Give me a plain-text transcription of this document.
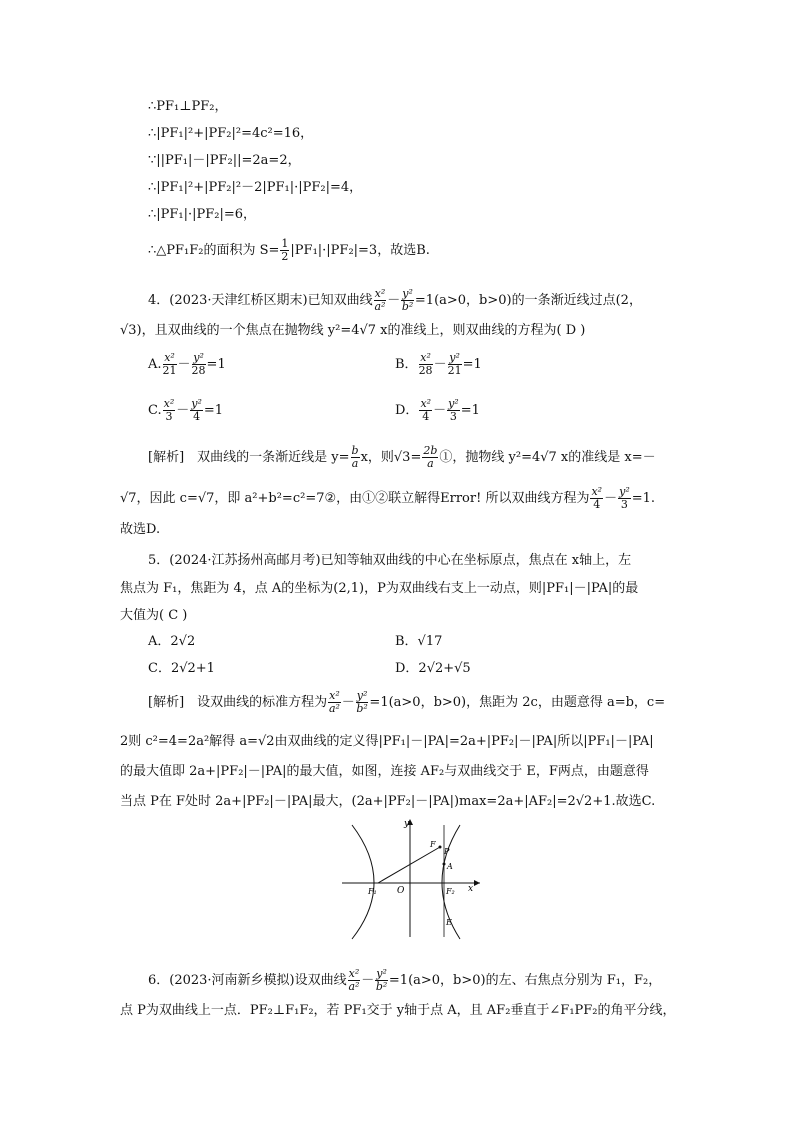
∴PF₁⊥PF₂，
∴|PF₁|²+|PF₂|²=4c²=16，
∵||PF₁|－|PF₂||=2a=2，
∴|PF₁|²+|PF₂|²－2|PF₁|·|PF₂|=4，
∴|PF₁|·|PF₂|=6，
∴△PF₁F₂的面积为 $S= \frac{1}{2} |PF_1|\cdot|PF_2|=3$，故选B.
4．(2023·天津红桥区期末)已知双曲线 $\frac{\text{x²}}{\text{a²}} - \frac{\text{y²}}{\text{b²}} =1(a>0$，b>0)的一条渐近线过点(2，
√3)，且双曲线的一个焦点在抛物线 y²=4√7 x的准线上，则双曲线的方程为( D )
A. $\frac{\text{x²}}{21} - \frac{\text{y²}}{28} =1$	B． $\frac{\text{x²}}{28} - \frac{\text{y²}}{21} =1$
C. $\frac{\text{x²}}{3} - \frac{\text{y²}}{4} =1$	D． $\frac{\text{x²}}{4} - \frac{\text{y²}}{3} =1$
[解析]　双曲线的一条渐近线是 $y= \frac{b}{a}$ x，则$√3= \frac{2b}{a}$ ①，抛物线 y²=4√7 x的准线是 x=－
√7，因此 c=√7，即 a²+b²=c²=7②，由①②联立解得Error! 所以双曲线方程为 $\frac{\text{x²}}{4} - \frac{\text{y²}}{3} =1$.
故选D.
5．(2024·江苏扬州高邮月考)已知等轴双曲线的中心在坐标原点，焦点在 x轴上，左
焦点为 F₁，焦距为 4，点 A的坐标为(2,1)，P为双曲线右支上一动点，则|PF₁|－|PA|的最
大值为( C )
A．2√2	B．√17
C．2√2+1	D．2√2+√5
[解析]　设双曲线的标准方程为 $\frac{\text{x²}}{\text{a²}} - \frac{\text{y²}}{\text{b²}} =1(a>0$，b>0)，焦距为 2c，由题意得 a=b，c=
2则 c²=4=2a²解得 a=√2由双曲线的定义得|PF₁|－|PA|=2a+|PF₂|－|PA|所以|PF₁|－|PA|
的最大值即 2a+|PF₂|－|PA|的最大值，如图，连接 AF₂与双曲线交于 E，F两点，由题意得
当点 P在 F处时 2a+|PF₂|－|PA|最大，(2a+|PF₂|－|PA|)max=2a+|AF₂|=2√2+1.故选C.
y
x
O
F₁	F₂
F
P
A
E
6．(2023·河南新乡模拟)设双曲线 $\frac{\text{x²}}{\text{a²}} - \frac{\text{y²}}{\text{b²}} =1(a>0$，b>0)的左、右焦点分别为 F₁，F₂，
点 P为双曲线上一点．PF₂⊥F₁F₂，若 PF₁交于 y轴于点 A，且 AF₂垂直于∠F₁PF₂的角平分线，
